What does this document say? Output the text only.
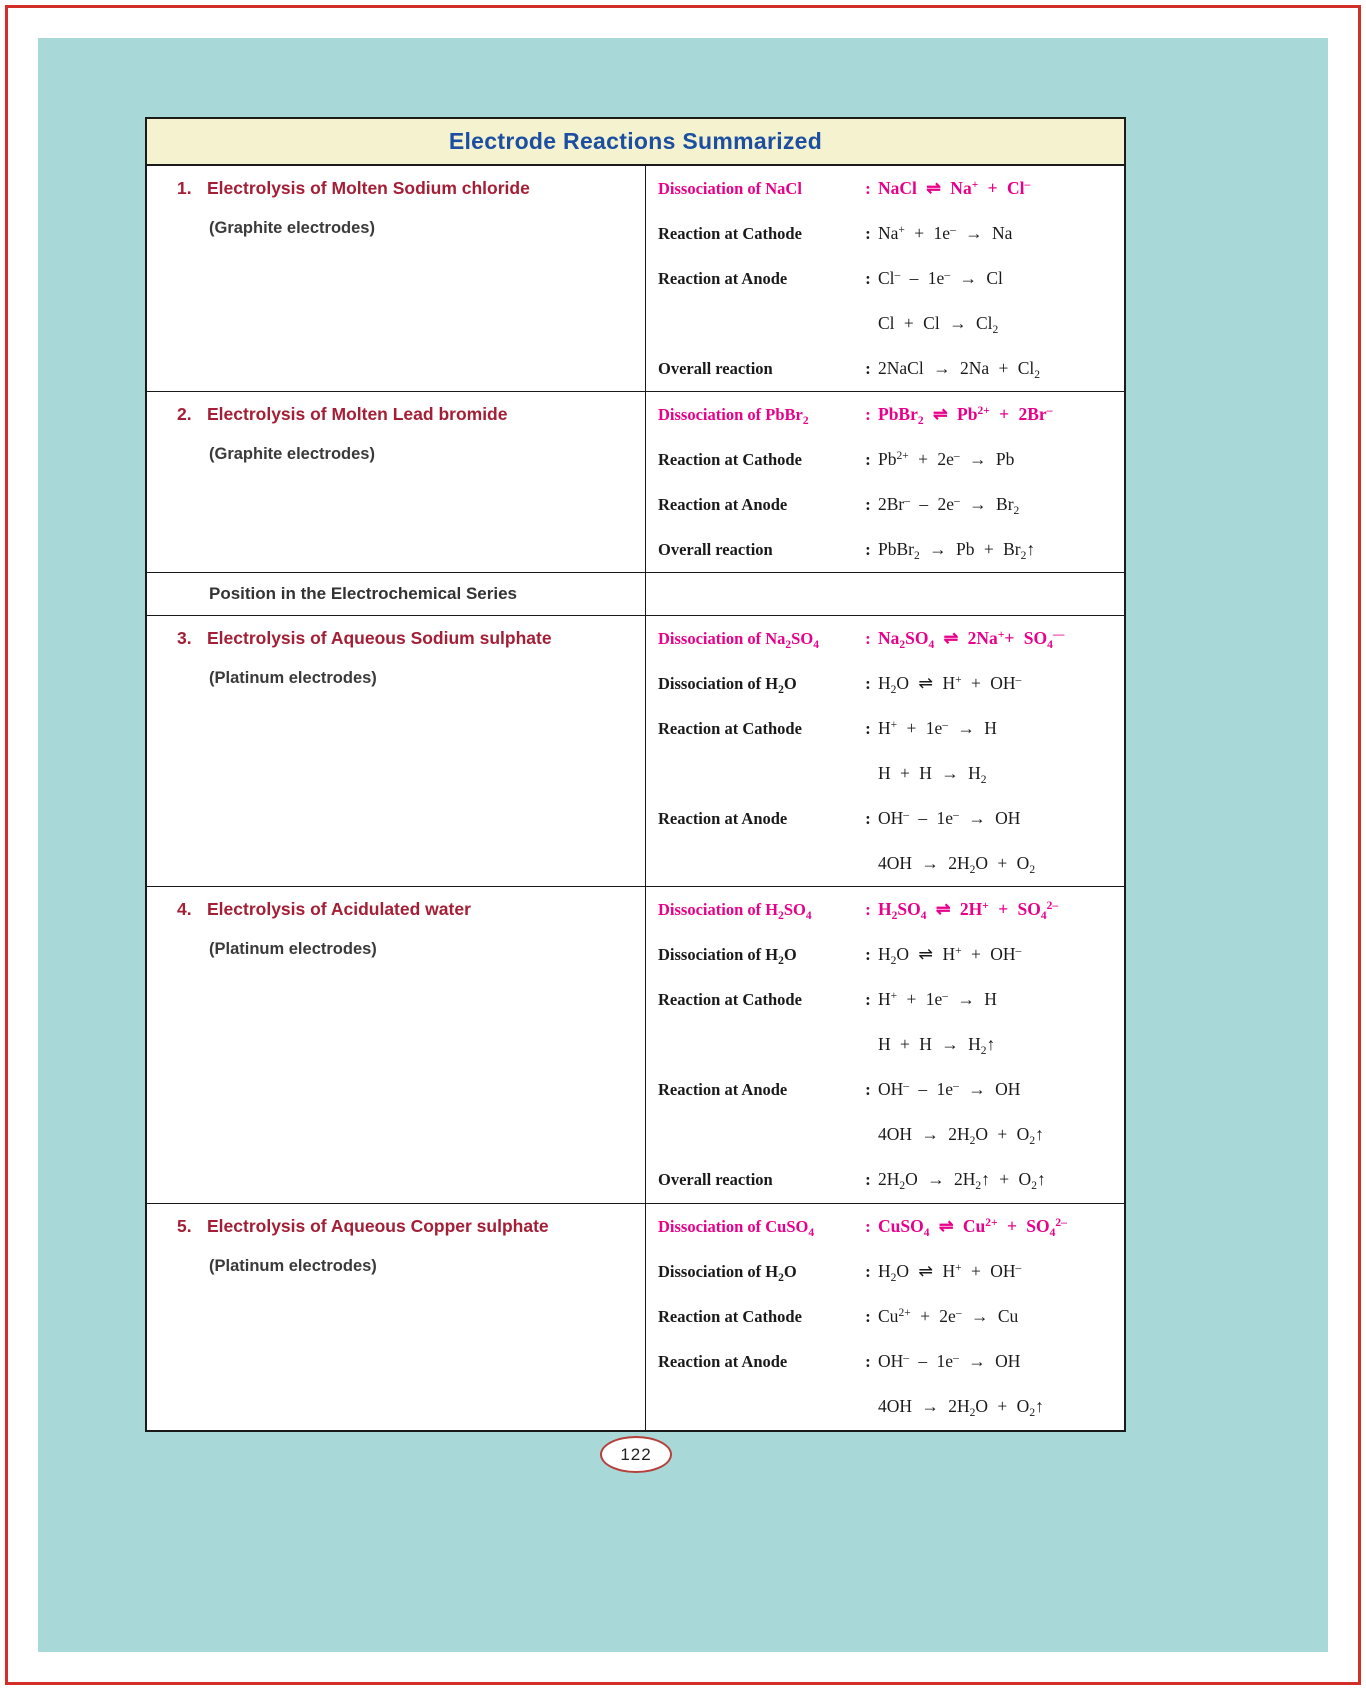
Electrode Reactions Summarized
1. Electrolysis of Molten Sodium chloride
(Graphite electrodes)
Dissociation of NaCl	: NaCl ⇌ Na+ + Cl–
Reaction at Cathode	: Na+ + 1e– → Na
Reaction at Anode	: Cl– – 1e– → Cl
$Cl + Cl \to Cl_2$
Overall reaction	: 2NaCl → $2Na + Cl_2$
2. Electrolysis of Molten Lead bromide
(Graphite electrodes)
Dissociation of PbBr$_2$	: PbBr$_2$ ⇌ $Pb^{2+} + 2Br^-$
Reaction at Cathode	: $Pb^{2+} + 2e^- \to Pb$
Reaction at Anode	: $2Br^- - 2e^- \to Br_2$
Overall reaction	: PbBr$_2$ → $Pb + Br_2↑$
Position in the Electrochemical Series
3. Electrolysis of Aqueous Sodium sulphate
(Platinum electrodes)
Dissociation of $Na_2SO_4$	: $Na_2SO_4$ ⇌ $2Na^++ SO_4^{--}$
Dissociation of $H_2O$	: $H_2O$ ⇌ H+ + OH–
Reaction at Cathode	: H+ + 1e– → H
$H + H \to H_2$
Reaction at Anode	: OH– – 1e– → OH
$4OH \to 2H_2O + O_2$
4. Electrolysis of Acidulated water
(Platinum electrodes)
Dissociation of $H_2SO_4$	: $H_2SO_4$ ⇌ $2H^+ + SO_4^{2-}$
Dissociation of $H_2O$	: $H_2O$ ⇌ H+ + OH–
Reaction at Cathode	: H+ + 1e– → H
$H + H \to H_2↑$
Reaction at Anode	: OH– – 1e– → OH
$4OH \to 2H_2O$ + $O_2↑$
Overall reaction	: $2H_2O$ → $2H_2↑$ + $O_2↑$
5. Electrolysis of Aqueous Copper sulphate
(Platinum electrodes)
Dissociation of CuSO$_4$	: CuSO$_4$ ⇌ $Cu^{2+} + SO_4^{2-}$
Dissociation of $H_2O$	: $H_2O$ ⇌ H+ + OH–
Reaction at Cathode	: $Cu^{2+} + 2e^- \to Cu$
Reaction at Anode	: OH– – 1e– → OH
$4OH \to 2H_2O$ + $O_2↑$
122
